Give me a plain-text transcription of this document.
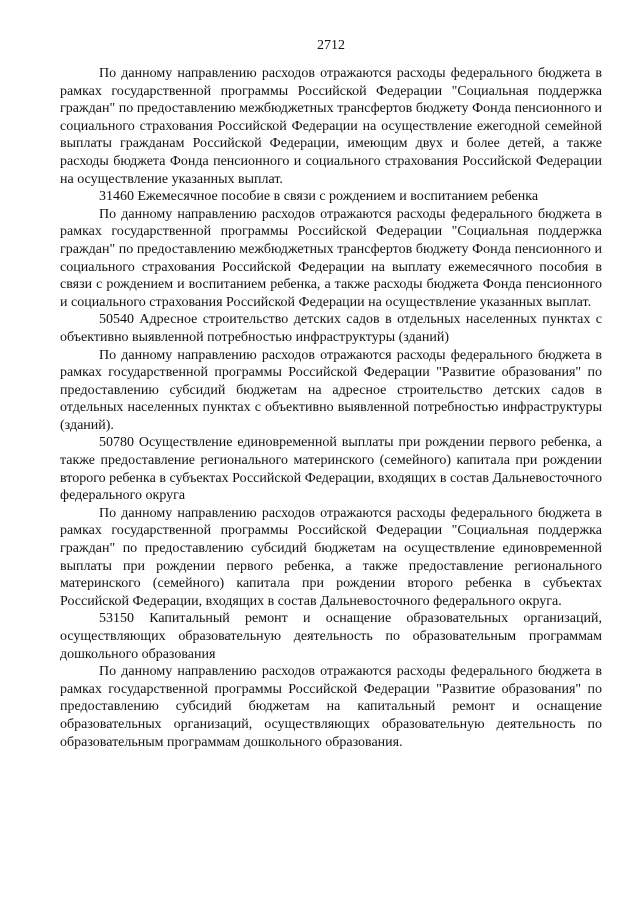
2712

По данному направлению расходов отражаются расходы федерального бюджета в рамках государственной программы Российской Федерации "Социальная поддержка граждан" по предоставлению межбюджетных трансфертов бюджету Фонда пенсионного и социального страхования Российской Федерации на осуществление ежегодной семейной выплаты гражданам Российской Федерации, имеющим двух и более детей, а также расходы бюджета Фонда пенсионного и социального страхования Российской Федерации на осуществление указанных выплат.

31460 Ежемесячное пособие в связи с рождением и воспитанием ребенка

По данному направлению расходов отражаются расходы федерального бюджета в рамках государственной программы Российской Федерации "Социальная поддержка граждан" по предоставлению межбюджетных трансфертов бюджету Фонда пенсионного и социального страхования Российской Федерации на выплату ежемесячного пособия в связи с рождением и воспитанием ребенка, а также расходы бюджета Фонда пенсионного и социального страхования Российской Федерации на осуществление указанных выплат.

50540 Адресное строительство детских садов в отдельных населенных пунктах с объективно выявленной потребностью инфраструктуры (зданий)

По данному направлению расходов отражаются расходы федерального бюджета в рамках государственной программы Российской Федерации "Развитие образования" по предоставлению субсидий бюджетам на адресное строительство детских садов в отдельных населенных пунктах с объективно выявленной потребностью инфраструктуры (зданий).

50780 Осуществление единовременной выплаты при рождении первого ребенка, а также предоставление регионального материнского (семейного) капитала при рождении второго ребенка в субъектах Российской Федерации, входящих в состав Дальневосточного федерального округа

По данному направлению расходов отражаются расходы федерального бюджета в рамках государственной программы Российской Федерации "Социальная поддержка граждан" по предоставлению субсидий бюджетам на осуществление единовременной выплаты при рождении первого ребенка, а также предоставление регионального материнского (семейного) капитала при рождении второго ребенка в субъектах Российской Федерации, входящих в состав Дальневосточного федерального округа.

53150 Капитальный ремонт и оснащение образовательных организаций, осуществляющих образовательную деятельность по образовательным программам дошкольного образования

По данному направлению расходов отражаются расходы федерального бюджета в рамках государственной программы Российской Федерации "Развитие образования" по предоставлению субсидий бюджетам на капитальный ремонт и оснащение образовательных организаций, осуществляющих образовательную деятельность по образовательным программам дошкольного образования.
